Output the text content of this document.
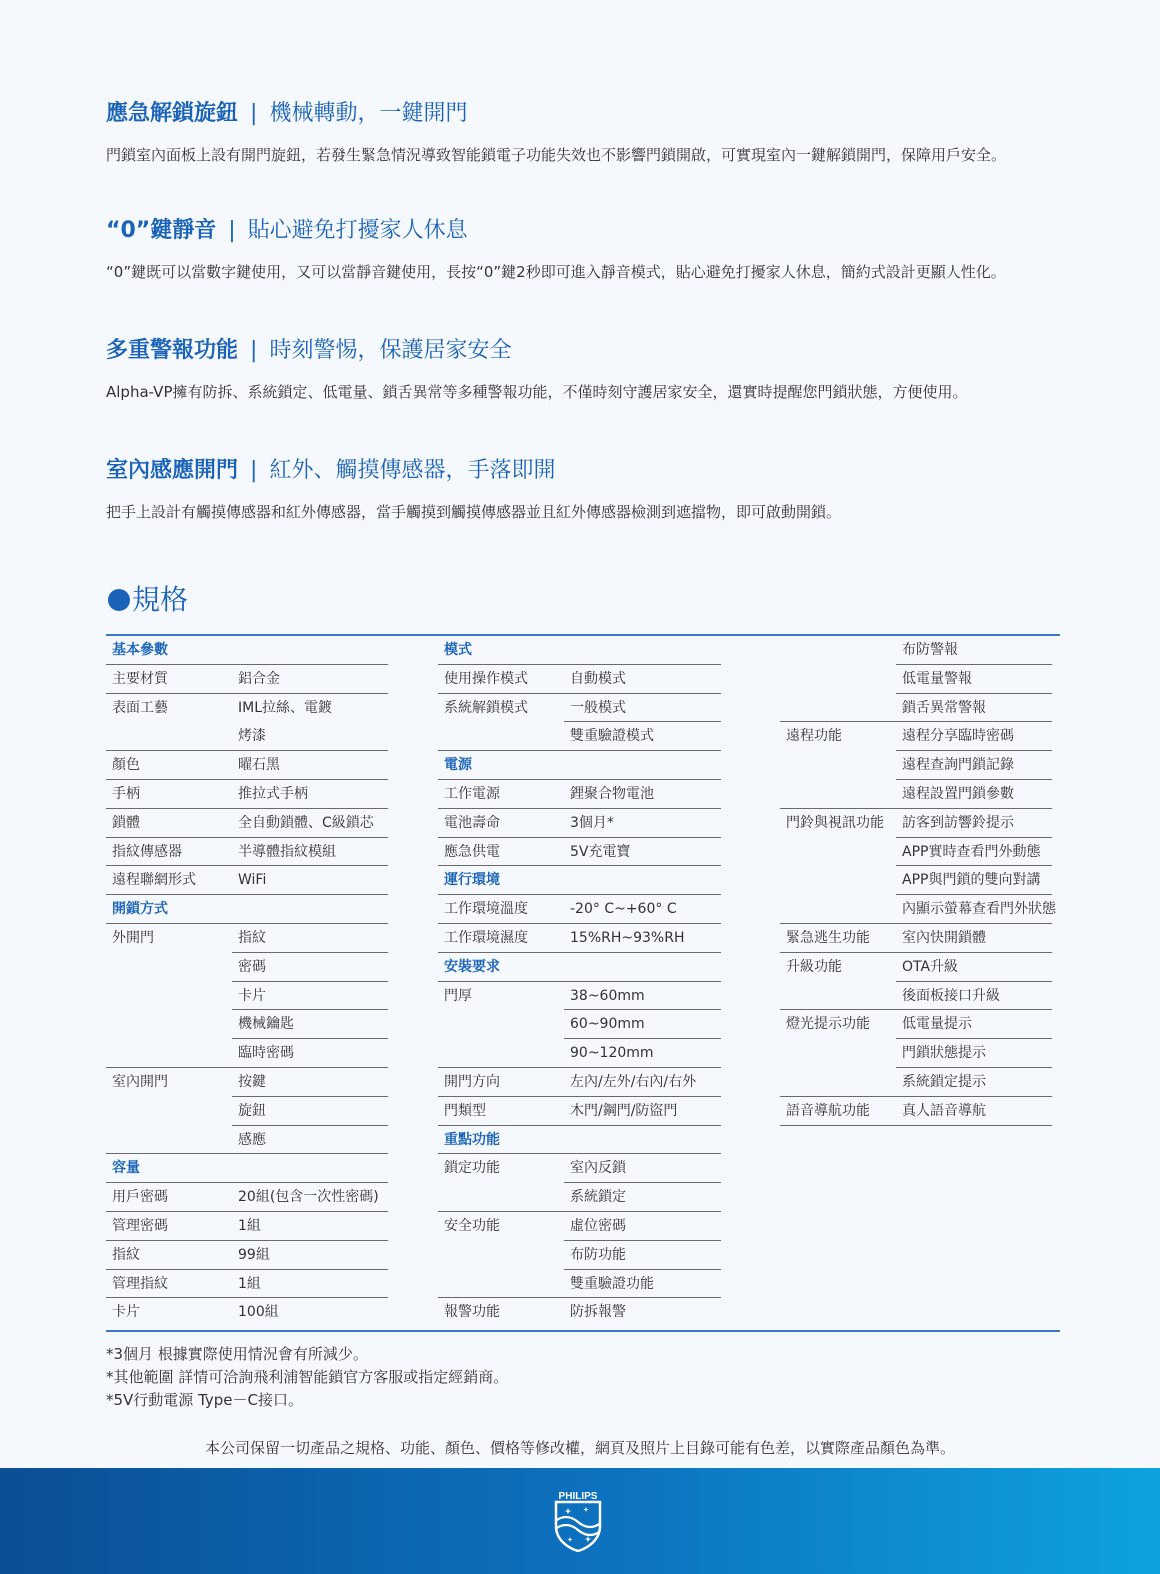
應急解鎖旋鈕 | 機械轉動，一鍵開門

門鎖室內面板上設有開門旋鈕，若發生緊急情況導致智能鎖電子功能失效也不影響門鎖開啟，可實現室內一鍵解鎖開門，保障用戶安全。

“0”鍵靜音 | 貼心避免打擾家人休息

“0”鍵既可以當數字鍵使用，又可以當靜音鍵使用，長按“0”鍵2秒即可進入靜音模式，貼心避免打擾家人休息，簡約式設計更顯人性化。

多重警報功能 | 時刻警惕，保護居家安全

Alpha-VP擁有防拆、系統鎖定、低電量、鎖舌異常等多種警報功能，不僅時刻守護居家安全，還實時提醒您門鎖狀態，方便使用。

室內感應開門 | 紅外、觸摸傳感器，手落即開

把手上設計有觸摸傳感器和紅外傳感器，當手觸摸到觸摸傳感器並且紅外傳感器檢測到遮擋物，即可啟動開鎖。

規格
基本參數
主要材質	鋁合金
表面工藝	IML拉絲、電鍍
烤漆
顏色	曜石黑
手柄	推拉式手柄
鎖體	全自動鎖體、C級鎖芯
指紋傳感器	半導體指紋模組
遠程聯網形式	WiFi
開鎖方式
外開門	指紋
密碼
卡片
機械鑰匙
臨時密碼
室內開門	按鍵
旋鈕
感應
容量
用戶密碼	20組(包含一次性密碼)
管理密碼	1組
指紋	99組
管理指紋	1組
卡片	100組
模式
使用操作模式	自動模式
系統解鎖模式	一般模式
雙重驗證模式
電源
工作電源	鋰聚合物電池
電池壽命	3個月*
應急供電	5V充電寶
運行環境
工作環境溫度	-20° C~+60° C
工作環境濕度	15%RH~93%RH
安裝要求
門厚	38~60mm
60~90mm
90~120mm
開門方向	左內/左外/右內/右外
門類型	木門/鋼門/防盜門
重點功能
鎖定功能	室內反鎖
系統鎖定
安全功能	虛位密碼
布防功能
雙重驗證功能
報警功能	防拆報警
布防警報
低電量警報
鎖舌異常警報
遠程功能	遠程分享臨時密碼
遠程查詢門鎖記錄
遠程設置門鎖參數
門鈴與視訊功能 訪客到訪響鈴提示
APP實時查看門外動態
APP與門鎖的雙向對講
內顯示螢幕查看門外狀態
緊急逃生功能 室內快開鎖體
升級功能	OTA升級
後面板接口升級
燈光提示功能 低電量提示
門鎖狀態提示
系統鎖定提示
語音導航功能 真人語音導航
*3個月 根據實際使用情況會有所減少。
*其他範圍 詳情可洽詢飛利浦智能鎖官方客服或指定經銷商。
*5V行動電源 Type－C接口。
本公司保留一切產品之規格、功能、顏色、價格等修改權，網頁及照片上目錄可能有色差，以實際產品顏色為準。
PHILIPS
